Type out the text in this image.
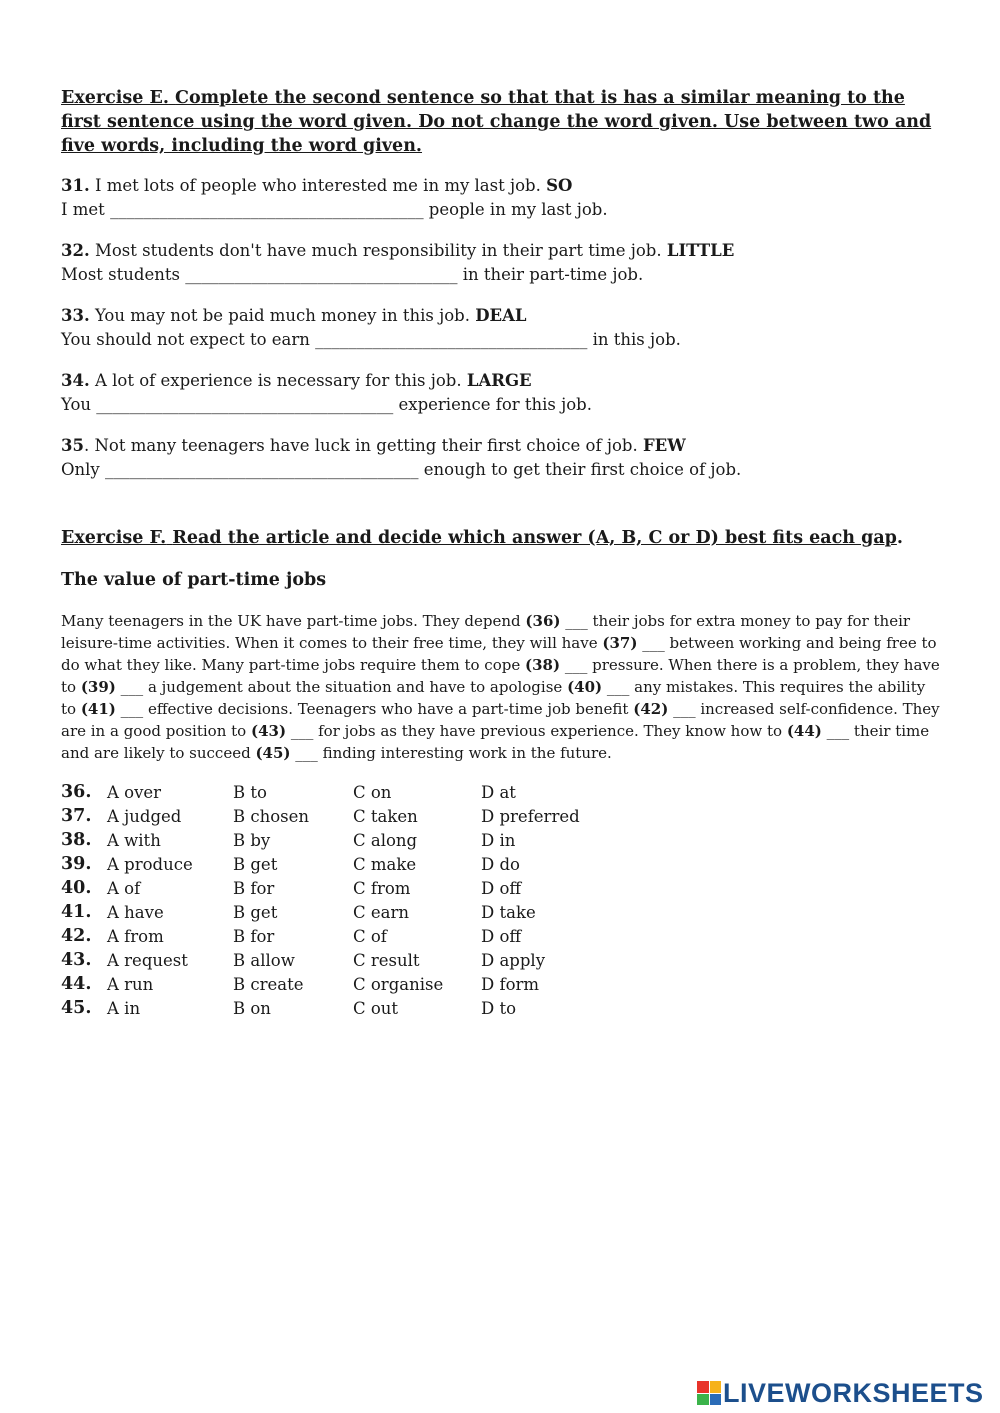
Exercise E. Complete the second sentence so that that is has a similar meaning to the first sentence using the word given. Do not change the word given. Use between two and five words, including the word given.

31. I met lots of people who interested me in my last job. SO
I met ______________________________________ people in my last job.
32. Most students don't have much responsibility in their part time job. LITTLE
Most students _________________________________ in their part-time job.
33. You may not be paid much money in this job. DEAL
You should not expect to earn _________________________________ in this job.
34. A lot of experience is necessary for this job. LARGE
You ____________________________________ experience for this job.
35. Not many teenagers have luck in getting their first choice of job. FEW
Only ______________________________________ enough to get their first choice of job.

Exercise F. Read the article and decide which answer (A, B, C or D) best fits each gap.

The value of part-time jobs

Many teenagers in the UK have part-time jobs. They depend (36) ___ their jobs for extra money to pay for their leisure-time activities. When it comes to their free time, they will have (37) ___ between working and being free to do what they like. Many part-time jobs require them to cope (38) ___ pressure. When there is a problem, they have to (39) ___ a judgement about the situation and have to apologise (40) ___ any mistakes. This requires the ability to (41) ___ effective decisions. Teenagers who have a part-time job benefit (42) ___ increased self-confidence. They are in a good position to (43) ___ for jobs as they have previous experience. They know how to (44) ___ their time and are likely to succeed (45) ___ finding interesting work in the future.
36. A over	B to	C on	D at
37. A judged	B chosen	C taken	D preferred
38. A with	B by	C along	D in
39. A produce	B get	C make	D do
40. A of	B for	C from	D off
41. A have	B get	C earn	D take
42. A from	B for	C of	D off
43. A request	B allow	C result	D apply
44. A run	B create	C organise	D form
45. A in	B on	C out	D to
LIVEWORKSHEETS
